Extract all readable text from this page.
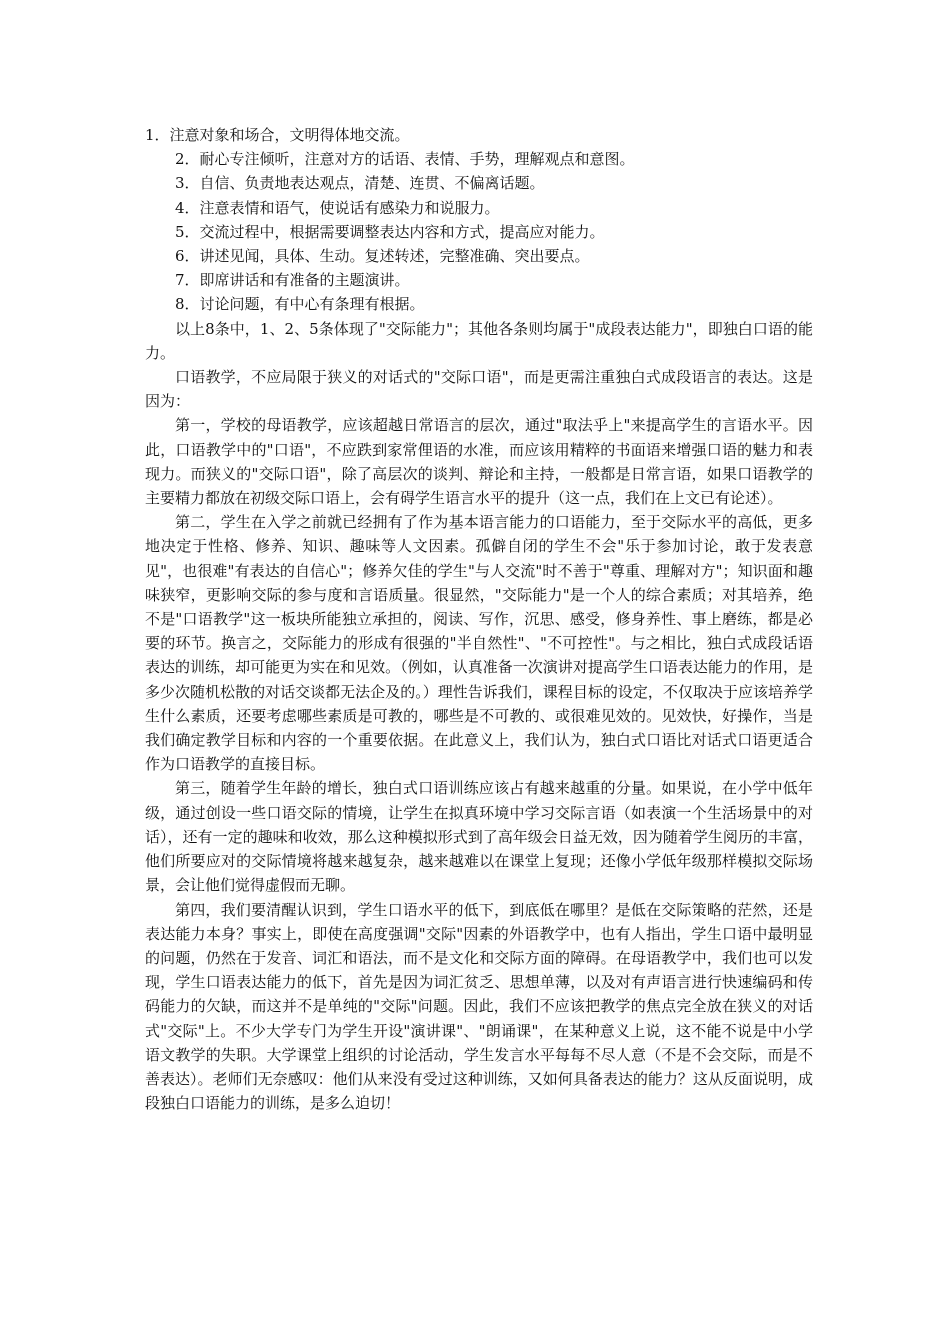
1．注意对象和场合，文明得体地交流。

2．耐心专注倾听，注意对方的话语、表情、手势，理解观点和意图。

3．自信、负责地表达观点，清楚、连贯、不偏离话题。

4．注意表情和语气，使说话有感染力和说服力。

5．交流过程中，根据需要调整表达内容和方式，提高应对能力。

6．讲述见闻，具体、生动。复述转述，完整准确、突出要点。

7．即席讲话和有准备的主题演讲。

8．讨论问题，有中心有条理有根据。

以上8条中，1、2、5条体现了"交际能力"；其他各条则均属于"成段表达能力"，即独白口语的能力。

口语教学，不应局限于狭义的对话式的"交际口语"，而是更需注重独白式成段语言的表达。这是因为：

第一，学校的母语教学，应该超越日常语言的层次，通过"取法乎上"来提高学生的言语水平。因此，口语教学中的"口语"，不应跌到家常俚语的水准，而应该用精粹的书面语来增强口语的魅力和表现力。而狭义的"交际口语"，除了高层次的谈判、辩论和主持，一般都是日常言语，如果口语教学的主要精力都放在初级交际口语上，会有碍学生语言水平的提升（这一点，我们在上文已有论述）。

第二，学生在入学之前就已经拥有了作为基本语言能力的口语能力，至于交际水平的高低，更多地决定于性格、修养、知识、趣味等人文因素。孤僻自闭的学生不会"乐于参加讨论，敢于发表意见"，也很难"有表达的自信心"；修养欠佳的学生"与人交流"时不善于"尊重、理解对方"；知识面和趣味狭窄，更影响交际的参与度和言语质量。很显然，"交际能力"是一个人的综合素质；对其培养，绝不是"口语教学"这一板块所能独立承担的，阅读、写作，沉思、感受，修身养性、事上磨练，都是必要的环节。换言之，交际能力的形成有很强的"半自然性"、"不可控性"。与之相比，独白式成段话语表达的训练，却可能更为实在和见效。（例如，认真准备一次演讲对提高学生口语表达能力的作用，是多少次随机松散的对话交谈都无法企及的。）理性告诉我们，课程目标的设定，不仅取决于应该培养学生什么素质，还要考虑哪些素质是可教的，哪些是不可教的、或很难见效的。见效快，好操作，当是我们确定教学目标和内容的一个重要依据。在此意义上，我们认为，独白式口语比对话式口语更适合作为口语教学的直接目标。

第三，随着学生年龄的增长，独白式口语训练应该占有越来越重的分量。如果说，在小学中低年级，通过创设一些口语交际的情境，让学生在拟真环境中学习交际言语（如表演一个生活场景中的对话），还有一定的趣味和收效，那么这种模拟形式到了高年级会日益无效，因为随着学生阅历的丰富，他们所要应对的交际情境将越来越复杂，越来越难以在课堂上复现；还像小学低年级那样模拟交际场景，会让他们觉得虚假而无聊。

第四，我们要清醒认识到，学生口语水平的低下，到底低在哪里？是低在交际策略的茫然，还是表达能力本身？事实上，即使在高度强调"交际"因素的外语教学中，也有人指出，学生口语中最明显的问题，仍然在于发音、词汇和语法，而不是文化和交际方面的障碍。在母语教学中，我们也可以发现，学生口语表达能力的低下，首先是因为词汇贫乏、思想单薄，以及对有声语言进行快速编码和传码能力的欠缺，而这并不是单纯的"交际"问题。因此，我们不应该把教学的焦点完全放在狭义的对话式"交际"上。不少大学专门为学生开设"演讲课"、"朗诵课"，在某种意义上说，这不能不说是中小学语文教学的失职。大学课堂上组织的讨论活动，学生发言水平每每不尽人意（不是不会交际，而是不善表达）。老师们无奈感叹：他们从来没有受过这种训练，又如何具备表达的能力？这从反面说明，成段独白口语能力的训练，是多么迫切！
